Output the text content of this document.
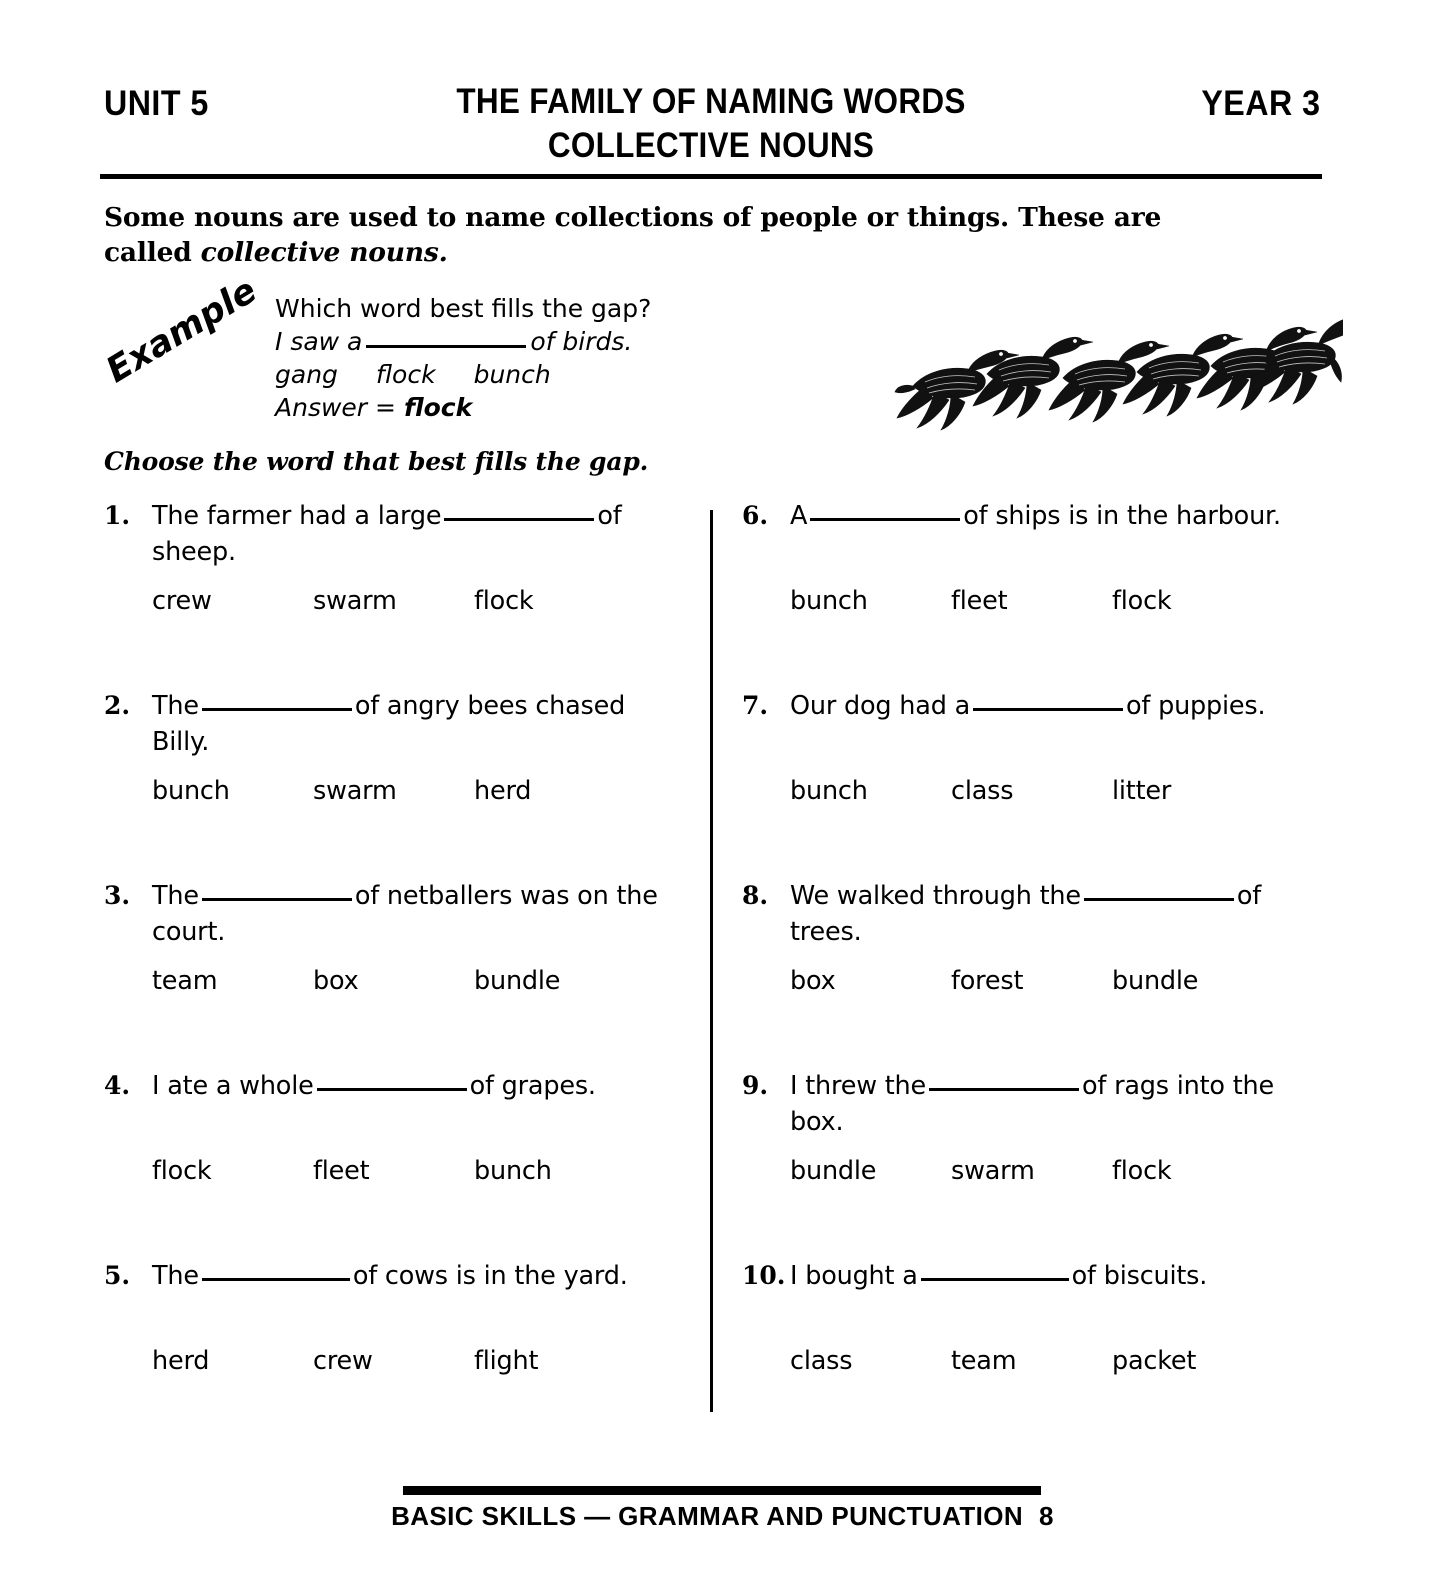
UNIT 5	THE FAMILY OF NAMING WORDS
COLLECTIVE NOUNS
YEAR 3
Some nouns are used to name collections of people or things. These are called collective nouns.
Example Which word best fills the gap?
I saw a	of birds.
gang flock bunch
Answer = flock
Choose the word that best fills the gap.
1. The farmer had a large	of sheep.
crew	swarm	flock
2. The	of angry bees chased Billy.
bunch	swarm	herd
3. The	of netballers was on the court.
team	box	bundle
4. I ate a whole	of grapes.
flock	fleet	bunch
5. The	of cows is in the yard.
herd	crew	flight
6. A	of ships is in the harbour.
bunch	fleet	flock
7. Our dog had a	of puppies.
bunch	class	litter
8. We walked through the	of trees.
box	forest	bundle
9. I threw the	of rags into the box.
bundle	swarm	flock
10. I bought a	of biscuits.
class	team	packet
BASIC SKILLS — GRAMMAR AND PUNCTUATION 8
